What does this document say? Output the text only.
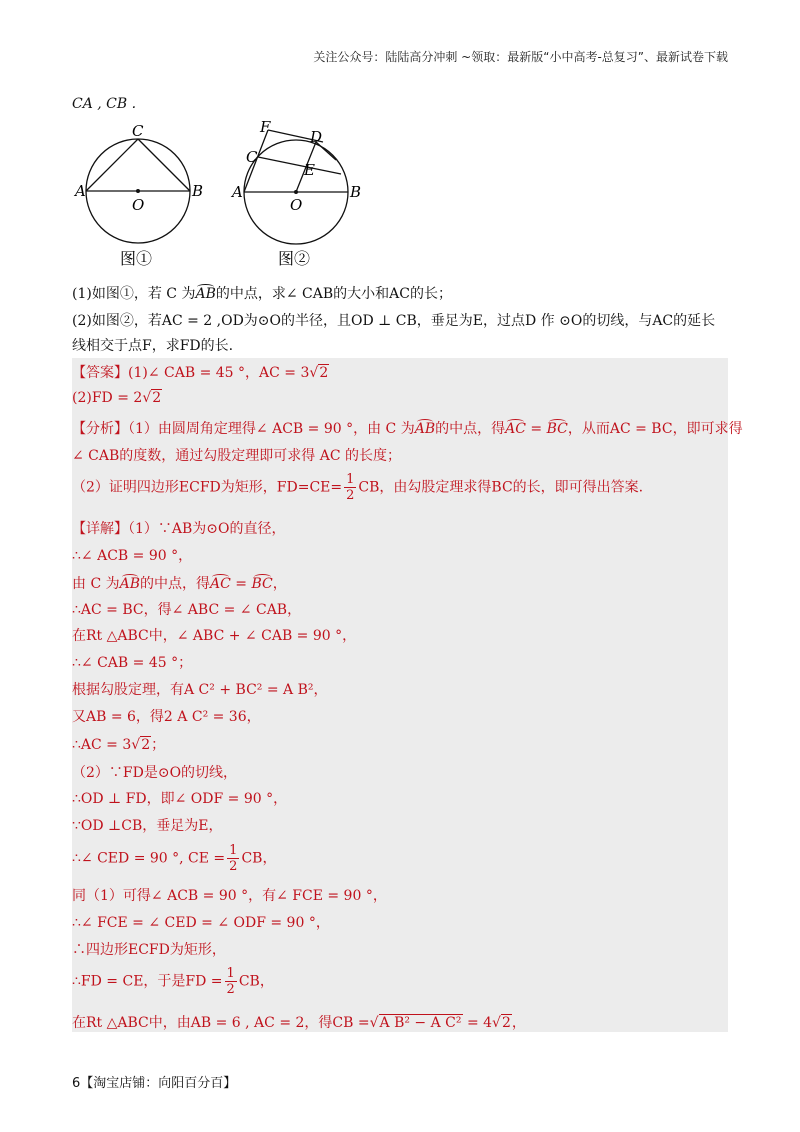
关注公众号：陆陆高分冲刺 ~领取：最新版“小中高考-总复习”、最新试卷下载
CA , CB .
A	B
C
O
图①
A	B
C
D
E
F
O
图②
(1)如图①，若 C 为AB的中点，求∠ CAB的大小和AC的长；
(2)如图②，若AC = 2 ,OD为⊙O的半径，且OD ⊥ CB，垂足为E，过点D 作 ⊙O的切线，与AC的延长
线相交于点F，求FD的长.
【答案】(1)∠ CAB = 45 °，AC = 3√2
(2)FD = 2√2
【分析】（1）由圆周角定理得∠ ACB = 90 °，由 C 为AB的中点，得AC = BC，从而AC = BC，即可求得
∠ CAB的度数，通过勾股定理即可求得 AC 的长度；
（2）证明四边形ECFD为矩形，$FD=CE= \frac{1}{2}$ CB，由勾股定理求得BC的长，即可得出答案.
【详解】（1）∵AB为⊙O的直径，
∴∠ ACB = 90 °，
由 C 为AB的中点，得AC = BC，
∴AC = BC，得∠ ABC = ∠ CAB，
在Rt △ABC中，∠ ABC + ∠ CAB = 90 °，
∴∠ CAB = 45 °；
根据勾股定理，有A C² + BC² = A B²，
又AB = 6，得2 A C² = 36，
∴AC = 3√2；
（2）∵FD是⊙O的切线，
∴OD ⊥ FD，即∠ ODF = 90 °，
∵OD ⊥CB，垂足为E，
∴∠ CED = 90 °, CE = $\frac{1}{2}$ CB，
同（1）可得∠ ACB = 90 °，有∠ FCE = 90 °，
∴∠ FCE = ∠ CED = ∠ ODF = 90 °，
∴四边形ECFD为矩形，
∴FD = CE，于是FD = $\frac{1}{2}$ CB，
在Rt △ABC中，由AB = 6 , AC = 2，得CB =√A B² − A C² = 4√2，
6【淘宝店铺：向阳百分百】
